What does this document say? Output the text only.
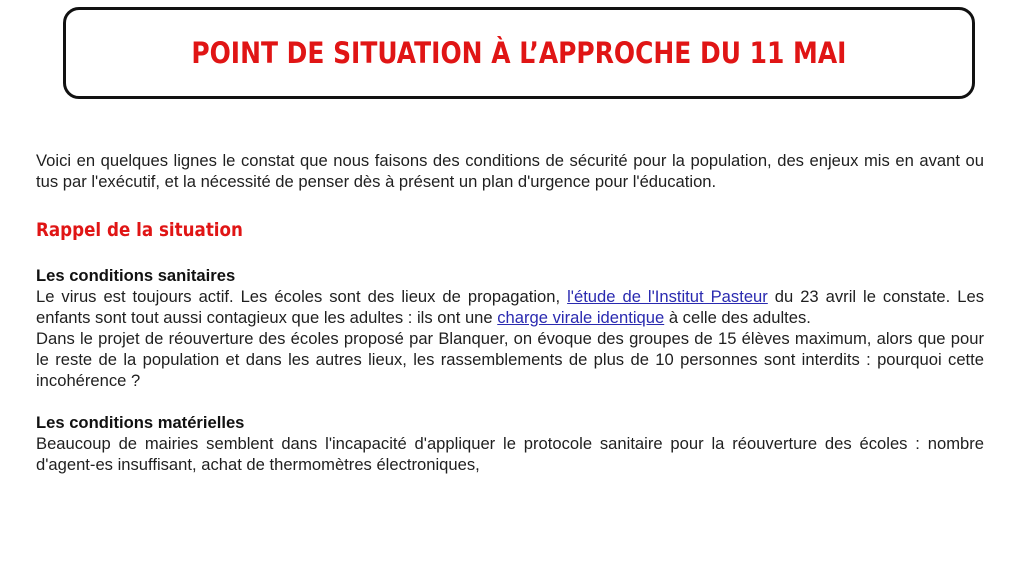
POINT DE SITUATION À L’APPROCHE DU 11 MAI

Voici en quelques lignes le constat que nous faisons des conditions de sécurité pour la population, des enjeux mis en avant ou tus par l'exécutif, et la nécessité de penser dès à présent un plan d'urgence pour l'éducation.

Rappel de la situation
Les conditions sanitaires

Le virus est toujours actif. Les écoles sont des lieux de propagation, l'étude de l'Institut Pasteur du 23 avril le constate. Les enfants sont tout aussi contagieux que les adultes : ils ont une charge virale identique à celle des adultes.

Dans le projet de réouverture des écoles proposé par Blanquer, on évoque des groupes de 15 élèves maximum, alors que pour le reste de la population et dans les autres lieux, les rassemblements de plus de 10 personnes sont interdits : pourquoi cette incohérence ?

Les conditions matérielles

Beaucoup de mairies semblent dans l'incapacité d'appliquer le protocole sanitaire pour la réouverture des écoles : nombre d'agent-es insuffisant, achat de thermomètres électroniques,
